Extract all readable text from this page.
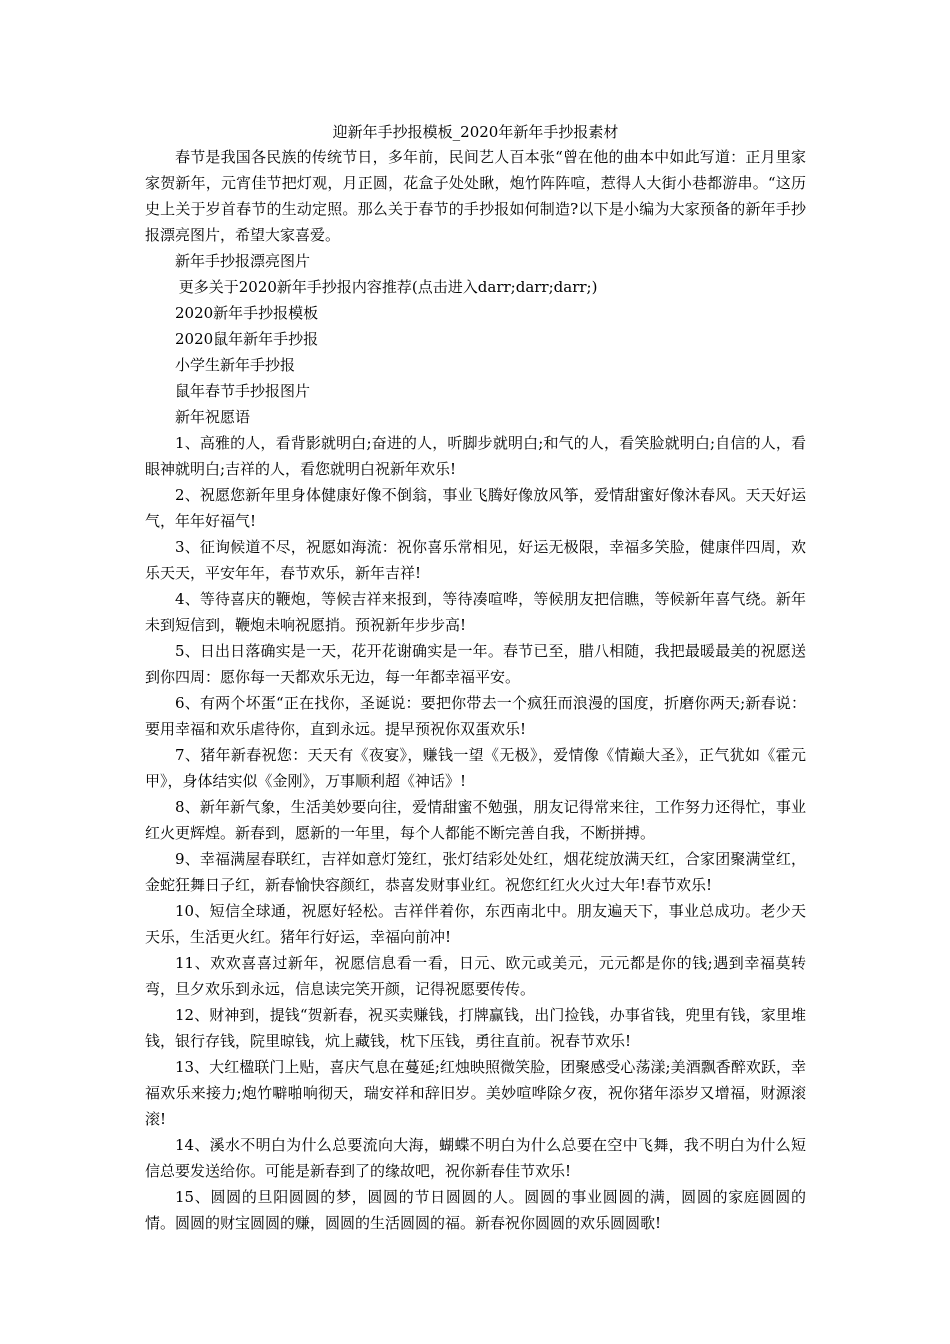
迎新年手抄报模板_2020年新年手抄报素材

春节是我国各民族的传统节日，多年前，民间艺人百本张“曾在他的曲本中如此写道：正月里家家贺新年，元宵佳节把灯观，月正圆，花盒子处处瞅，炮竹阵阵喧，惹得人大街小巷都游串。“这历史上关于岁首春节的生动定照。那么关于春节的手抄报如何制造?以下是小编为大家预备的新年手抄报漂亮图片，希望大家喜爱。

新年手抄报漂亮图片

更多关于2020新年手抄报内容推荐(点击进入darr;darr;darr;)

2020新年手抄报模板

2020鼠年新年手抄报

小学生新年手抄报

鼠年春节手抄报图片

新年祝愿语

1、高雅的人，看背影就明白;奋进的人，听脚步就明白;和气的人，看笑脸就明白;自信的人，看眼神就明白;吉祥的人，看您就明白祝新年欢乐!

2、祝愿您新年里身体健康好像不倒翁，事业飞腾好像放风筝，爱情甜蜜好像沐春风。天天好运气，年年好福气!

3、征询候道不尽，祝愿如海流：祝你喜乐常相见，好运无极限，幸福多笑脸，健康伴四周，欢乐天天，平安年年，春节欢乐，新年吉祥!

4、等待喜庆的鞭炮，等候吉祥来报到，等待凑喧哗，等候朋友把信瞧，等候新年喜气绕。新年未到短信到，鞭炮未响祝愿捎。预祝新年步步高!

5、日出日落确实是一天，花开花谢确实是一年。春节已至，腊八相随，我把最暖最美的祝愿送到你四周：愿你每一天都欢乐无边，每一年都幸福平安。

6、有两个坏蛋“正在找你，圣诞说：要把你带去一个疯狂而浪漫的国度，折磨你两天;新春说：要用幸福和欢乐虐待你，直到永远。提早预祝你双蛋欢乐!

7、猪年新春祝您：天天有《夜宴》，赚钱一望《无极》，爱情像《情巅大圣》，正气犹如《霍元甲》，身体结实似《金刚》，万事顺利超《神话》!

8、新年新气象，生活美妙要向往，爱情甜蜜不勉强，朋友记得常来往，工作努力还得忙，事业红火更辉煌。新春到，愿新的一年里，每个人都能不断完善自我，不断拼搏。

9、幸福满屋春联红，吉祥如意灯笼红，张灯结彩处处红，烟花绽放满天红，合家团聚满堂红，金蛇狂舞日子红，新春愉快容颜红，恭喜发财事业红。祝您红红火火过大年!春节欢乐!

10、短信全球通，祝愿好轻松。吉祥伴着你，东西南北中。朋友遍天下，事业总成功。老少天天乐，生活更火红。猪年行好运，幸福向前冲!

11、欢欢喜喜过新年，祝愿信息看一看，日元、欧元或美元，元元都是你的钱;遇到幸福莫转弯，旦夕欢乐到永远，信息读完笑开颜，记得祝愿要传传。

12、财神到，提钱“贺新春，祝买卖赚钱，打牌赢钱，出门捡钱，办事省钱，兜里有钱，家里堆钱，银行存钱，院里晾钱，炕上藏钱，枕下压钱，勇往直前。祝春节欢乐!

13、大红楹联门上贴，喜庆气息在蔓延;红烛映照微笑脸，团聚感受心荡漾;美酒飘香醉欢跃，幸福欢乐来接力;炮竹噼啪响彻天，瑞安祥和辞旧岁。美妙喧哗除夕夜，祝你猪年添岁又增福，财源滚滚!

14、溪水不明白为什么总要流向大海，蝴蝶不明白为什么总要在空中飞舞，我不明白为什么短信总要发送给你。可能是新春到了的缘故吧，祝你新春佳节欢乐!

15、圆圆的旦阳圆圆的梦，圆圆的节日圆圆的人。圆圆的事业圆圆的满，圆圆的家庭圆圆的情。圆圆的财宝圆圆的赚，圆圆的生活圆圆的福。新春祝你圆圆的欢乐圆圆歌!
